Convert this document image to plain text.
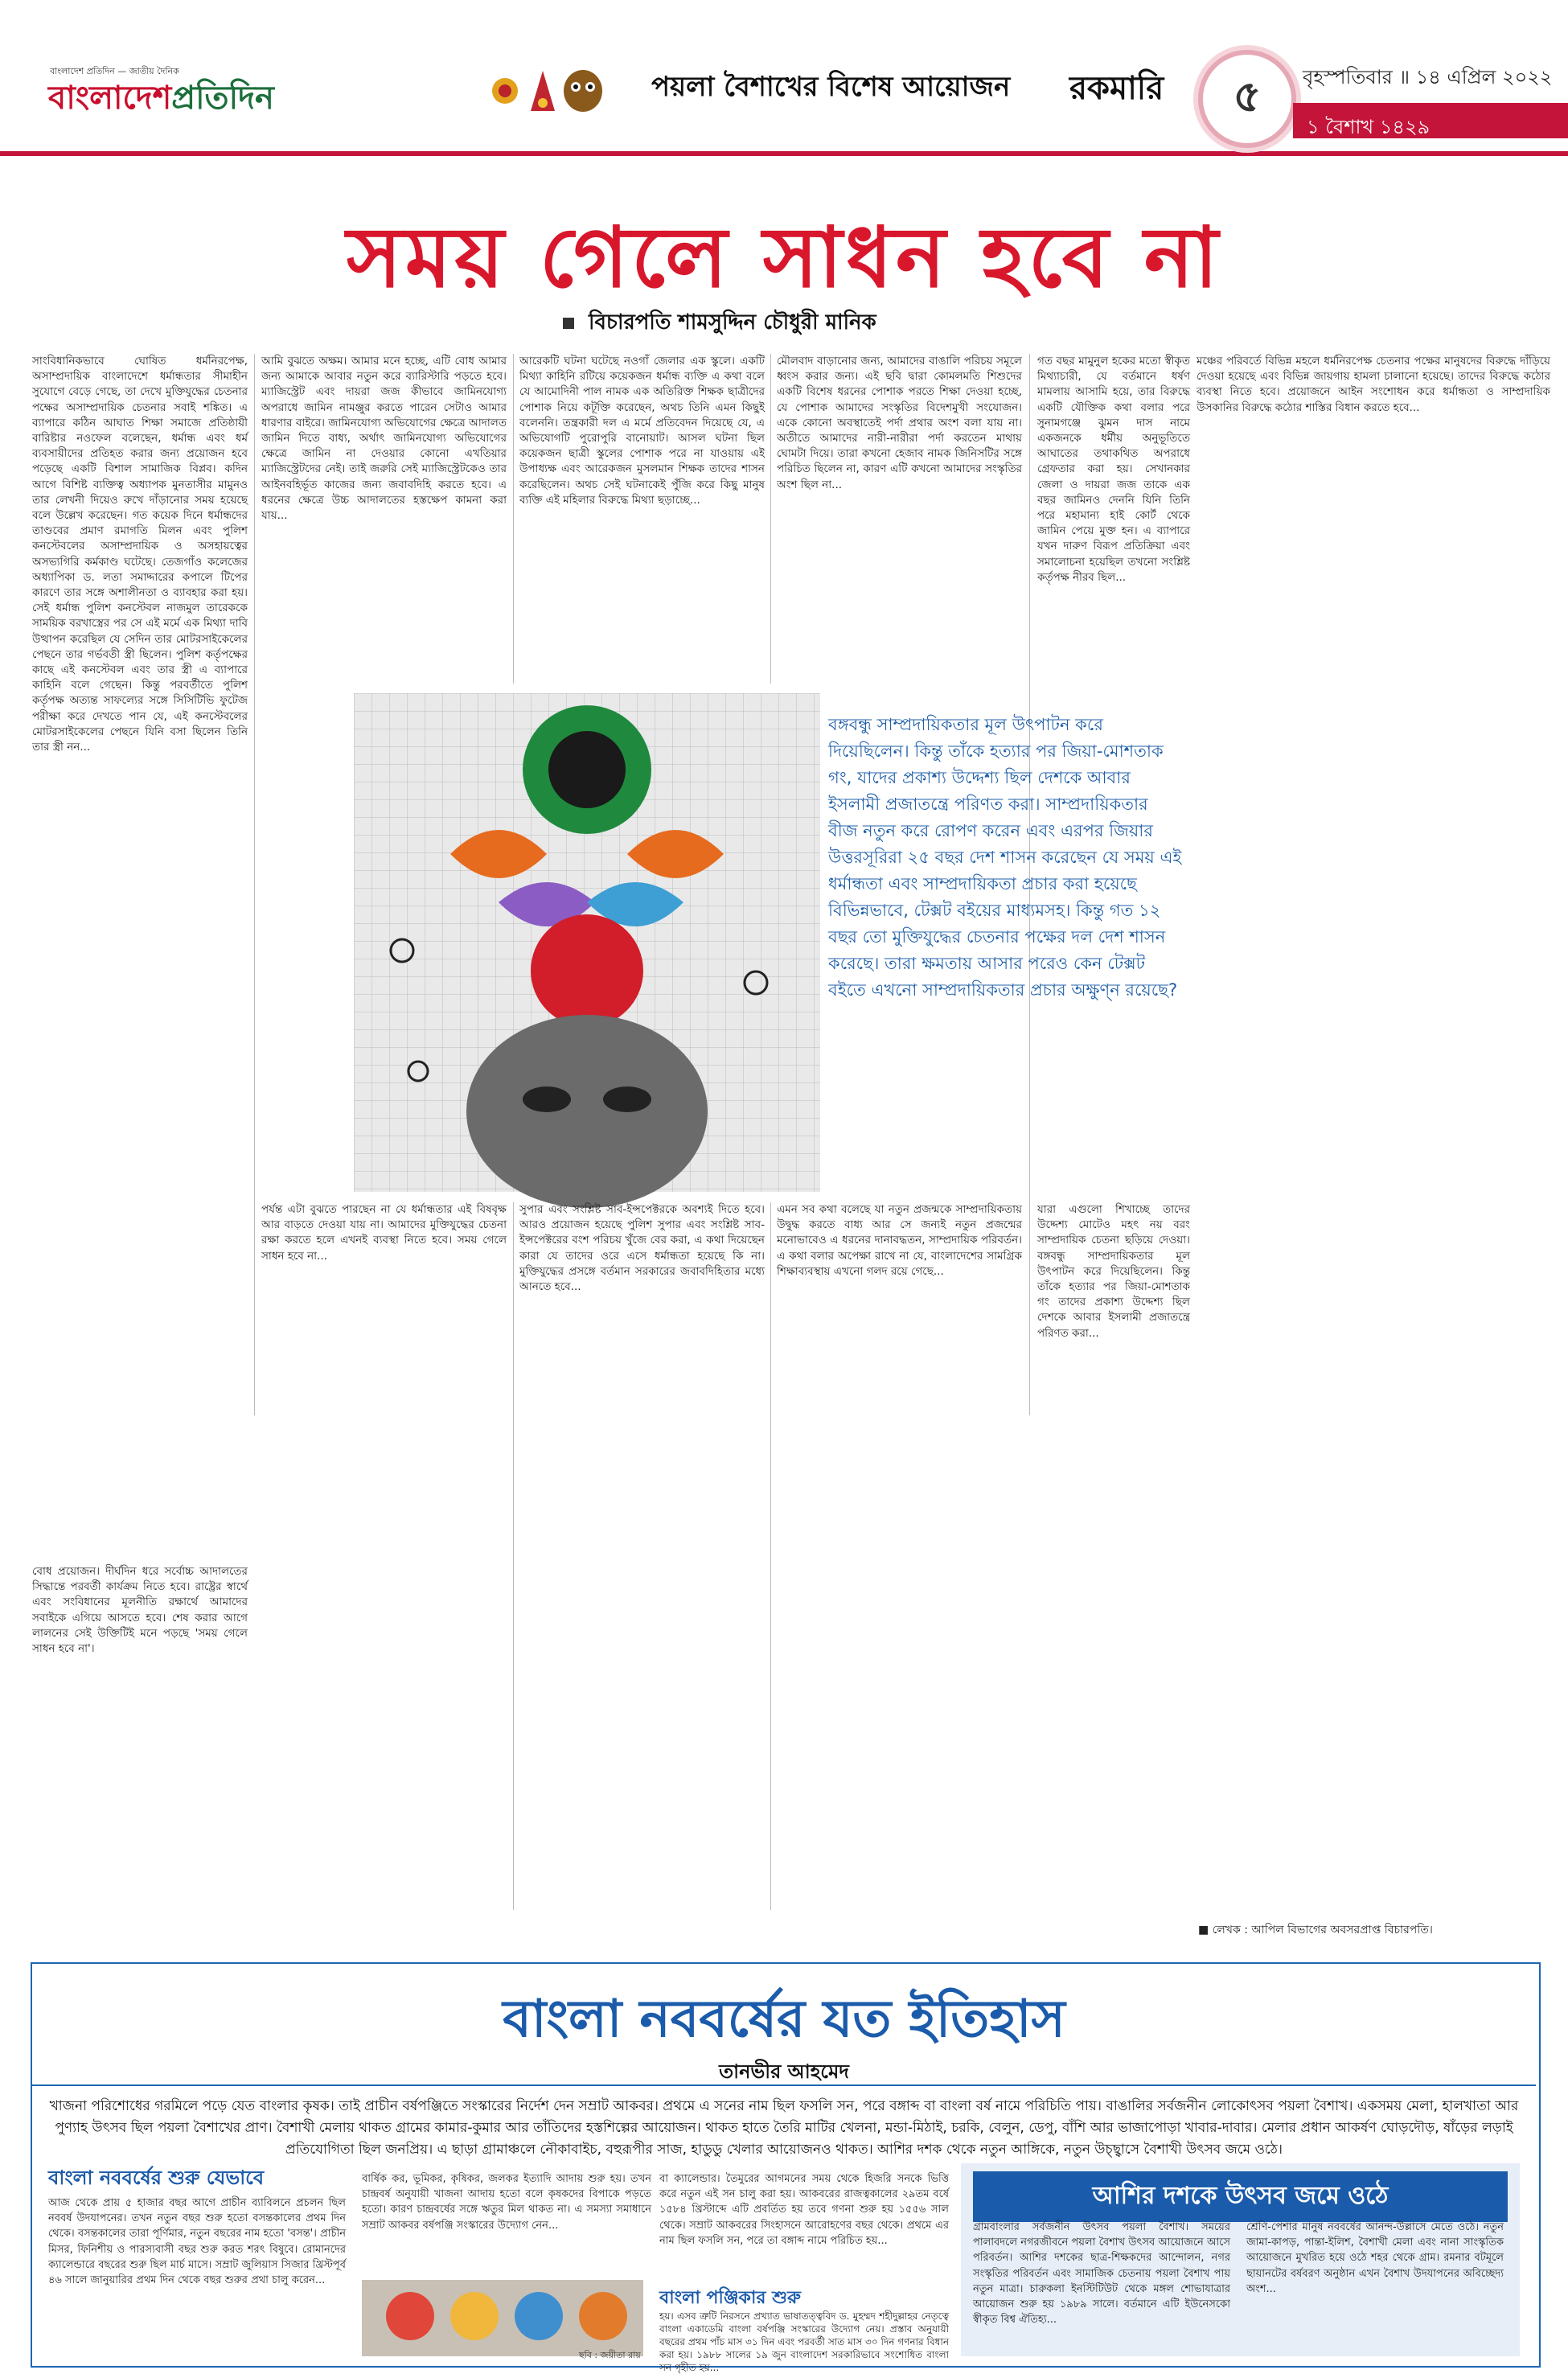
বাংলাদেশ প্রতিদিন — জাতীয় দৈনিক
বাংলাদেশপ্রতিদিন	পয়লা বৈশাখের বিশেষ আয়োজন রকমারি	৫	বৃহস্পতিবার ॥ ১৪ এপ্রিল ২০২২
১ বৈশাখ ১৪২৯
সময় গেলে সাধন হবে না
বিচারপতি শামসুদ্দিন চৌধুরী মানিক
সাংবিধানিকভাবে ঘোষিত ধর্মনিরপেক্ষ, অসাম্প্রদায়িক বাংলাদেশে ধর্মান্ধতার সীমাহীন সুযোগে বেড়ে গেছে, তা দেখে মুক্তিযুদ্ধের চেতনার পক্ষের অসাম্প্রদায়িক চেতনার সবাই শঙ্কিত। এ ব্যাপারে কঠিন আঘাত শিক্ষা সমাজে প্রতিষ্ঠায়ী বারিষ্টার নওফেল বলেছেন, ধর্মান্ধ এবং ধর্ম ব্যবসায়ীদের প্রতিহত করার জন্য প্রয়োজন হবে পড়েছে একটি বিশাল সামাজিক বিপ্লব। কদিন আগে বিশিষ্ট ব্যক্তিত্ব অধ্যাপক মুনতাসীর মামুনও তার লেখনী দিয়েও রুখে দাঁড়ানোর সময় হয়েছে বলে উল্লেখ করেছেন। গত কয়েক দিনে ধর্মান্ধদের তাণ্ডবের প্রমাণ রমাগতি মিলন এবং পুলিশ কনস্টেবলের অসাম্প্রদায়িক ও অসহায়ত্বের অসভ্যগিরি কর্মকাণ্ড ঘটেছে। তেজগাঁও কলেজের অধ্যাপিকা ড. লতা সমাদ্দারের কপালে টিপের কারণে তার সঙ্গে অশালীনতা ও ব্যাবহার করা হয়। সেই ধর্মান্ধ পুলিশ কনস্টেবল নাজমুল তারেককে সাময়িক বরখাস্ত্রের পর সে এই মর্মে এক মিথ্যা দাবি উত্থাপন করেছিল যে সেদিন তার মোটরসাইকেলের পেছনে তার গর্ভবতী স্ত্রী ছিলেন। পুলিশ কর্তৃপক্ষের কাছে এই কনস্টেবল এবং তার স্ত্রী এ ব্যাপারে কাহিনি বলে গেছেন। কিন্তু পরবর্তীতে পুলিশ কর্তৃপক্ষ অত্যন্ত সাফল্যের সঙ্গে সিসিটিভি ফুটেজ পরীক্ষা করে দেখতে পান যে, এই কনস্টেবলের মোটরসাইকেলের পেছনে যিনি বসা ছিলেন তিনি তার স্ত্রী নন...
আমি বুঝতে অক্ষম। আমার মনে হচ্ছে, এটি বোধ আমার জন্য আমাকে আবার নতুন করে ব্যারিস্টারি পড়তে হবে। ম্যাজিস্ট্রেট এবং দায়রা জজ কীভাবে জামিনযোগ্য অপরাধে জামিন নামঞ্জুর করতে পারেন সেটাও আমার ধারণার বাইরে। জামিনযোগ্য অভিযোগের ক্ষেত্রে আদালত জামিন দিতে বাধ্য, অর্থাৎ জামিনযোগ্য অভিযোগের ক্ষেত্রে জামিন না দেওয়ার কোনো এখতিয়ার ম্যাজিস্ট্রেটদের নেই। তাই জরুরি সেই ম্যাজিস্ট্রেটকেও তার আইনবহির্ভূত কাজের জন্য জবাবদিহি করতে হবে। এ ধরনের ক্ষেত্রে উচ্চ আদালতের হস্তক্ষেপ কামনা করা যায়...
আরেকটি ঘটনা ঘটেছে নওগাঁ জেলার এক স্কুলে। একটি মিথ্যা কাহিনি রটিয়ে কয়েকজন ধর্মান্ধ ব্যক্তি এ কথা বলে যে আমোদিনী পাল নামক এক অতিরিক্ত শিক্ষক ছাত্রীদের পোশাক নিয়ে কটূক্তি করেছেন, অথচ তিনি এমন কিছুই বলেননি। তন্ত্রকারী দল এ মর্মে প্রতিবেদন দিয়েছে যে, এ অভিযোগটি পুরোপুরি বানোয়াট। আসল ঘটনা ছিল কয়েকজন ছাত্রী স্কুলের পোশাক পরে না যাওয়ায় এই উপাধ্যক্ষ এবং আরেকজন মুসলমান শিক্ষক তাদের শাসন করেছিলেন। অথচ সেই ঘটনাকেই পুঁজি করে কিছু মানুষ ব্যক্তি এই মহিলার বিরুদ্ধে মিথ্যা ছড়াচ্ছে...
মৌলবাদ বাড়ানোর জন্য, আমাদের বাঙালি পরিচয় সমূলে ধ্বংস করার জন্য। এই ছবি দ্বারা কোমলমতি শিশুদের একটি বিশেষ ধরনের পোশাক পরতে শিক্ষা দেওয়া হচ্ছে, যে পোশাক আমাদের সংস্কৃতির বিদেশমুখী সংযোজন। একে কোনো অবস্থাতেই পর্দা প্রথার অংশ বলা যায় না। অতীতে আমাদের নারী-নারীরা পর্দা করতেন মাথায় ঘোমটা দিয়ে। তারা কখনো হেজাব নামক জিনিসটির সঙ্গে পরিচিত ছিলেন না, কারণ এটি কখনো আমাদের সংস্কৃতির অংশ ছিল না...
মঞ্চের পরিবর্তে বিভিন্ন মহলে ধর্মনিরপেক্ষ চেতনার পক্ষের মানুষদের বিরুদ্ধে দাঁড়িয়ে দেওয়া হয়েছে এবং বিভিন্ন জায়গায় হামলা চালানো হয়েছে। তাদের বিরুদ্ধে কঠোর ব্যবস্থা নিতে হবে। প্রয়োজনে আইন সংশোধন করে ধর্মান্ধতা ও সাম্প্রদায়িক উসকানির বিরুদ্ধে কঠোর শাস্তির বিধান করতে হবে...
গত বছর মামুনুল হকের মতো স্বীকৃত মিথ্যাচারী, যে বর্তমানে ধর্ষণ মামলায় আসামি হয়ে, তার বিরুদ্ধে একটি যৌক্তিক কথা বলার পরে সুনামগঞ্জে ঝুমন দাস নামে একজনকে ধর্মীয় অনুভূতিতে আঘাতের তথাকথিত অপরাধে গ্রেফতার করা হয়। সেখানকার জেলা ও দায়রা জজ তাকে এক বছর জামিনও দেননি যিনি তিনি পরে মহামান্য হাই কোর্ট থেকে জামিন পেয়ে মুক্ত হন। এ ব্যাপারে যখন দারুণ বিরূপ প্রতিক্রিয়া এবং সমালোচনা হয়েছিল তখনো সংশ্লিষ্ট কর্তৃপক্ষ নীরব ছিল...
বঙ্গবন্ধু সাম্প্রদায়িকতার মূল উৎপাটন করে দিয়েছিলেন। কিন্তু তাঁকে হত্যার পর জিয়া-মোশতাক গং, যাদের প্রকাশ্য উদ্দেশ্য ছিল দেশকে আবার ইসলামী প্রজাতন্ত্রে পরিণত করা। সাম্প্রদায়িকতার বীজ নতুন করে রোপণ করেন এবং এরপর জিয়ার উত্তরসূরিরা ২৫ বছর দেশ শাসন করেছেন যে সময় এই ধর্মান্ধতা এবং সাম্প্রদায়িকতা প্রচার করা হয়েছে বিভিন্নভাবে, টেক্সট বইয়ের মাধ্যমসহ। কিন্তু গত ১২ বছর তো মুক্তিযুদ্ধের চেতনার পক্ষের দল দেশ শাসন করেছে। তারা ক্ষমতায় আসার পরেও কেন টেক্সট বইতে এখনো সাম্প্রদায়িকতার প্রচার অক্ষুণ্ন রয়েছে?
পর্যন্ত এটা বুঝতে পারছেন না যে ধর্মান্ধতার এই বিষবৃক্ষ আর বাড়তে দেওয়া যায় না। আমাদের মুক্তিযুদ্ধের চেতনা রক্ষা করতে হলে এখনই ব্যবস্থা নিতে হবে। সময় গেলে সাধন হবে না...
সুপার এবং সংশ্লিষ্ট সাব-ইন্সপেক্টরকে অবশ্যই দিতে হবে। আরও প্রয়োজন হয়েছে পুলিশ সুপার এবং সংশ্লিষ্ট সাব-ইন্সপেক্টরের বংশ পরিচয় খুঁজে বের করা, এ কথা দিয়েছেন কারা যে তাদের ওরে এসে ধর্মান্ধতা হয়েছে কি না। মুক্তিযুদ্ধের প্রসঙ্গে বর্তমান সরকারের জবাবদিহিতার মধ্যে আনতে হবে...
এমন সব কথা বলেছে যা নতুন প্রজন্মকে সাম্প্রদায়িকতায় উদ্বুদ্ধ করতে বাধ্য আর সে জন্যই নতুন প্রজন্মের মনোভাবেও এ ধরনের দানাবদ্ধতন, সাম্প্রদায়িক পরিবর্তন। এ কথা বলার অপেক্ষা রাখে না যে, বাংলাদেশের সামগ্রিক শিক্ষাব্যবস্থায় এখনো গলদ রয়ে গেছে...
যারা এগুলো শিখাচ্ছে তাদের উদ্দেশ্য মোটেও মহৎ নয় বরং সাম্প্রদায়িক চেতনা ছড়িয়ে দেওয়া। বঙ্গবন্ধু সাম্প্রদায়িকতার মূল উৎপাটন করে দিয়েছিলেন। কিন্তু তাঁকে হত্যার পর জিয়া-মোশতাক গং তাদের প্রকাশ্য উদ্দেশ্য ছিল দেশকে আবার ইসলামী প্রজাতন্ত্রে পরিণত করা...
বোধ প্রয়োজন। দীর্ঘদিন ধরে সর্বোচ্চ আদালতের সিদ্ধান্তে পরবর্তী কার্যক্রম নিতে হবে। রাষ্ট্রের স্বার্থে এবং সংবিধানের মূলনীতি রক্ষার্থে আমাদের সবাইকে এগিয়ে আসতে হবে। শেষ করার আগে লালনের সেই উক্তিটিই মনে পড়ছে 'সময় গেলে সাধন হবে না'।
■ লেখক : আপিল বিভাগের অবসরপ্রাপ্ত বিচারপতি।
বাংলা নববর্ষের যত ইতিহাস
তানভীর আহমেদ
খাজনা পরিশোধের গরমিলে পড়ে যেত বাংলার কৃষক। তাই প্রাচীন বর্ষপঞ্জিতে সংস্কারের নির্দেশ দেন সম্রাট আকবর। প্রথমে এ সনের নাম ছিল ফসলি সন, পরে বঙ্গাব্দ বা বাংলা বর্ষ নামে পরিচিতি পায়। বাঙালির সর্বজনীন লোকোৎসব পয়লা বৈশাখ। একসময় মেলা, হালখাতা আর পুণ্যাহ উৎসব ছিল পয়লা বৈশাখের প্রাণ। বৈশাখী মেলায় থাকত গ্রামের কামার-কুমার আর তাঁতিদের হস্তশিল্পের আয়োজন। থাকত হাতে তৈরি মাটির খেলনা, মন্ডা-মিঠাই, চরকি, বেলুন, ডেপু, বাঁশি আর ভাজাপোড়া খাবার-দাবার। মেলার প্রধান আকর্ষণ ঘোড়দৌড়, ষাঁড়ের লড়াই প্রতিযোগিতা ছিল জনপ্রিয়। এ ছাড়া গ্রামাঞ্চলে নৌকাবাইচ, বহুরূপীর সাজ, হাডুডু খেলার আয়োজনও থাকত। আশির দশক থেকে নতুন আঙ্গিকে, নতুন উচ্ছ্বাসে বৈশাখী উৎসব জমে ওঠে।
বাংলা নববর্ষের শুরু যেভাবে
আজ থেকে প্রায় ৫ হাজার বছর আগে প্রাচীন ব্যাবিলনে প্রচলন ছিল নববর্ষ উদযাপনের। তখন নতুন বছর শুরু হতো বসন্তকালের প্রথম দিন থেকে। বসন্তকালের তারা পূর্ণিমার, নতুন বছরের নাম হতো 'বসন্ত'। প্রাচীন মিসর, ফিনিশীয় ও পারস্যবাসী বছর শুরু করত শরৎ বিষুবে। রোমানদের ক্যালেন্ডারে বছরের শুরু ছিল মার্চ মাসে। সম্রাট জুলিয়াস সিজার খ্রিস্টপূর্ব ৪৬ সালে জানুয়ারির প্রথম দিন থেকে বছর শুরুর প্রথা চালু করেন...
বার্ষিক কর, ভূমিকর, কৃষিকর, জলকর ইত্যাদি আদায় শুরু হয়। তখন চান্দ্রবর্ষ অনুযায়ী খাজনা আদায় হতো বলে কৃষকদের বিপাকে পড়তে হতো। কারণ চান্দ্রবর্ষের সঙ্গে ঋতুর মিল থাকত না। এ সমস্যা সমাধানে সম্রাট আকবর বর্ষপঞ্জি সংস্কারের উদ্যোগ নেন...
বা ক্যালেন্ডার। তৈমুরের আগমনের সময় থেকে হিজরি সনকে ভিত্তি করে নতুন এই সন চালু করা হয়। আকবরের রাজত্বকালের ২৯তম বর্ষে ১৫৮৪ খ্রিস্টাব্দে এটি প্রবর্তিত হয় তবে গণনা শুরু হয় ১৫৫৬ সাল থেকে। সম্রাট আকবরের সিংহাসনে আরোহণের বছর থেকে। প্রথমে এর নাম ছিল ফসলি সন, পরে তা বঙ্গাব্দ নামে পরিচিত হয়...
ছবি : জয়ীতা রায়
বাংলা পঞ্জিকার শুরু
হয়। এসব ত্রুটি নিরসনে প্রখ্যাত ভাষাতত্ত্ববিদ ড. মুহম্মদ শহীদুল্লাহর নেতৃত্বে বাংলা একাডেমি বাংলা বর্ষপঞ্জি সংস্কারের উদ্যোগ নেয়। প্রস্তাব অনুযায়ী বছরের প্রথম পাঁচ মাস ৩১ দিন এবং পরবর্তী সাত মাস ৩০ দিন গণনার বিধান করা হয়। ১৯৮৮ সালের ১৯ জুন বাংলাদেশ সরকারিভাবে সংশোধিত বাংলা সন গৃহীত হয়...
আশির দশকে উৎসব জমে ওঠে
গ্রামবাংলার সর্বজনীন উৎসব পয়লা বৈশাখ। সময়ের পালাবদলে নগরজীবনে পয়লা বৈশাখ উৎসব আয়োজনে আসে পরিবর্তন। আশির দশকের ছাত্র-শিক্ষকদের আন্দোলন, নগর সংস্কৃতির পরিবর্তন এবং সামাজিক চেতনায় পয়লা বৈশাখ পায় নতুন মাত্রা। চারুকলা ইনস্টিটিউট থেকে মঙ্গল শোভাযাত্রার আয়োজন শুরু হয় ১৯৮৯ সালে। বর্তমানে এটি ইউনেসকো স্বীকৃত বিশ্ব ঐতিহ্য...
শ্রেণি-পেশার মানুষ নববর্ষের আনন্দ-উল্লাসে মেতে ওঠে। নতুন জামা-কাপড়, পান্তা-ইলিশ, বৈশাখী মেলা এবং নানা সাংস্কৃতিক আয়োজনে মুখরিত হয়ে ওঠে শহর থেকে গ্রাম। রমনার বটমূলে ছায়ানটের বর্ষবরণ অনুষ্ঠান এখন বৈশাখ উদযাপনের অবিচ্ছেদ্য অংশ...
